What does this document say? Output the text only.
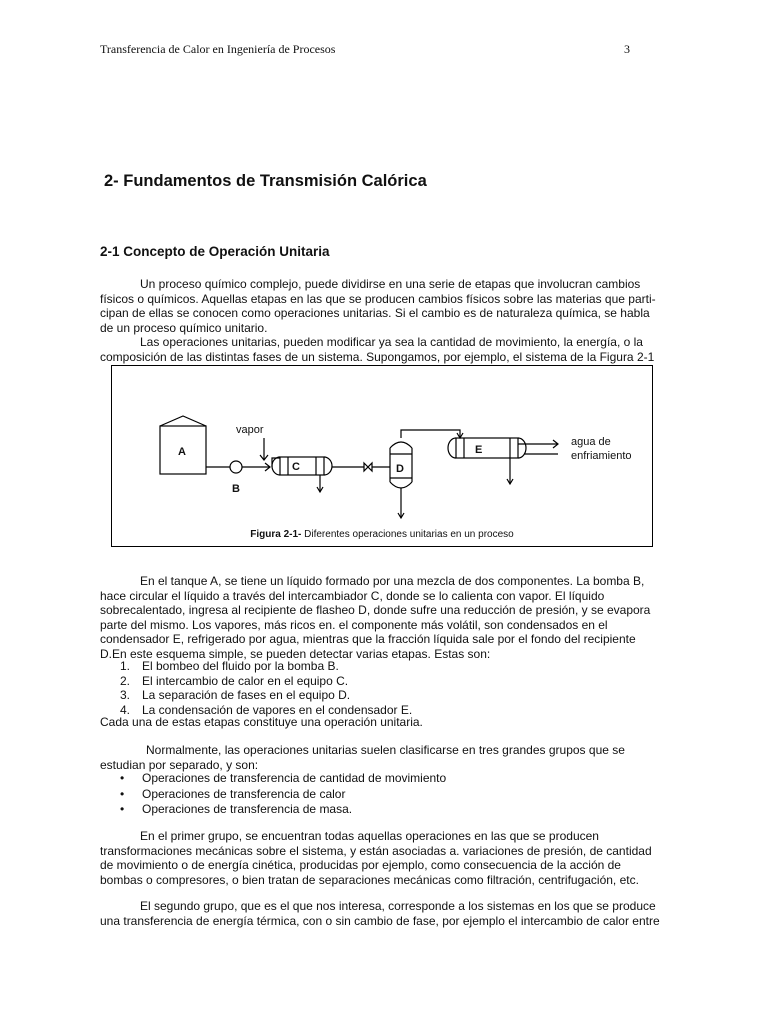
Transferencia de Calor en Ingeniería de Procesos	3
2- Fundamentos de Transmisión Calórica
2-1 Concepto de Operación Unitaria

Un proceso químico complejo, puede dividirse en una serie de etapas que involucran cambios físicos o químicos. Aquellas etapas en las que se producen cambios físicos sobre las materias que parti-cipan de ellas se conocen como operaciones unitarias. Si el cambio es de naturaleza química, se habla de un proceso químico unitario.

Las operaciones unitarias, pueden modificar ya sea la cantidad de movimiento, la energía, o la composición de las distintas fases de un sistema. Supongamos, por ejemplo, el sistema de la Figura 2-1

A
B
C	D
E
vapor
agua de
enfriamiento
Figura 2-1- Diferentes operaciones unitarias en un proceso

En el tanque A, se tiene un líquido formado por una mezcla de dos componentes. La bomba B, hace circular el líquido a través del intercambiador C, donde se lo calienta con vapor. El líquido sobrecalentado, ingresa al recipiente de flasheo D, donde sufre una reducción de presión, y se evapora parte del mismo. Los vapores, más ricos en. el componente más volátil, son condensados en el condensador E, refrigerado por agua, mientras que la fracción líquida sale por el fondo del recipiente D.En este esquema simple, se pueden detectar varias etapas. Estas son:

1. El bombeo del fluido por la bomba B.
2. El intercambio de calor en el equipo C.
3. La separación de fases en el equipo D.
4. La condensación de vapores en el condensador E.

Cada una de estas etapas constituye una operación unitaria.

Normalmente, las operaciones unitarias suelen clasificarse en tres grandes grupos que se estudian por separado, y son:

• Operaciones de transferencia de cantidad de movimiento
• Operaciones de transferencia de calor
• Operaciones de transferencia de masa.

En el primer grupo, se encuentran todas aquellas operaciones en las que se producen transformaciones mecánicas sobre el sistema, y están asociadas a. variaciones de presión, de cantidad de movimiento o de energía cinética, producidas por ejemplo, como consecuencia de la acción de bombas o compresores, o bien tratan de separaciones mecánicas como filtración, centrifugación, etc.

El segundo grupo, que es el que nos interesa, corresponde a los sistemas en los que se produce una transferencia de energía térmica, con o sin cambio de fase, por ejemplo el intercambio de calor entre
